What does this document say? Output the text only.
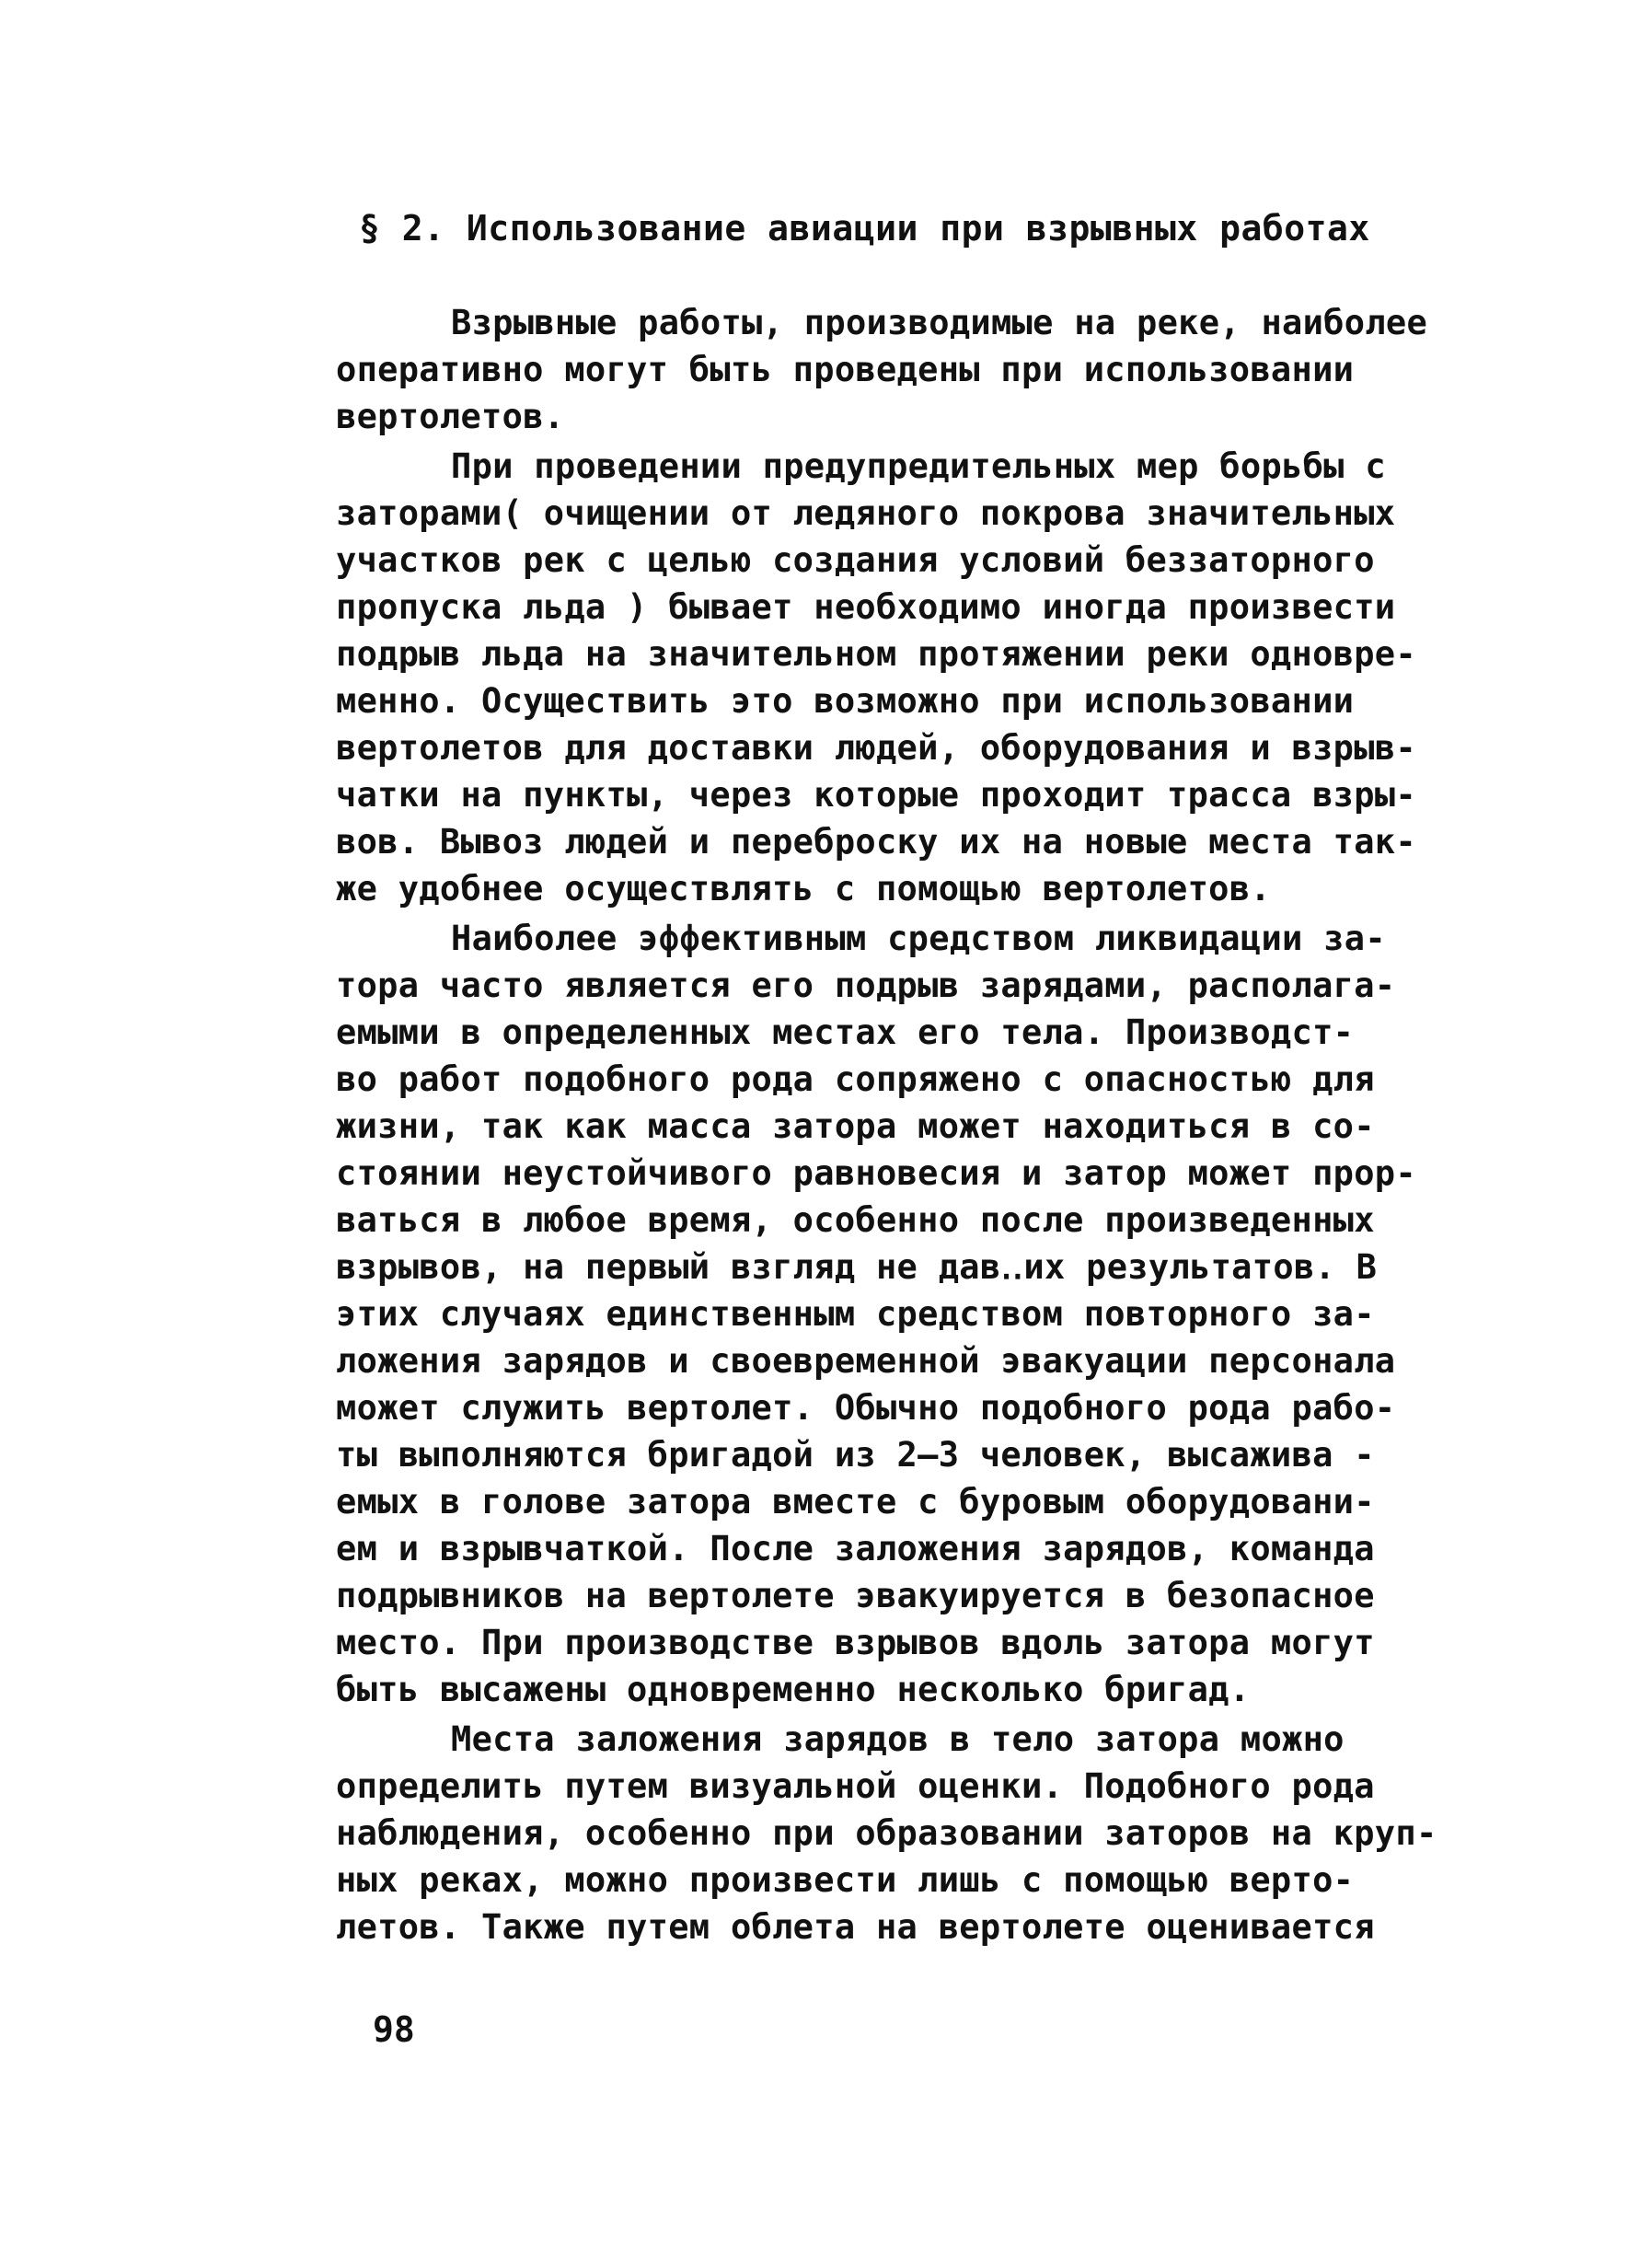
§ 2. Использование авиации при взрывных работах
Взрывные работы, производимые на реке, наиболее
оперативно могут быть проведены при использовании
вертолетов.
При проведении предупредительных мер борьбы с
заторами( очищении от ледяного покрова значительных
участков рек с целью создания условий беззаторного
пропуска льда ) бывает необходимо иногда произвести
подрыв льда на значительном протяжении реки одновре-
менно. Осуществить это возможно при использовании
вертолетов для доставки людей, оборудования и взрыв-
чатки на пункты, через которые проходит трасса взры-
вов. Вывоз людей и переброску их на новые места так-
же удобнее осуществлять с помощью вертолетов.
Наиболее эффективным средством ликвидации за-
тора часто является его подрыв зарядами, располага-
емыми в определенных местах его тела. Производст-
во работ подобного рода сопряжено с опасностью для
жизни, так как масса затора может находиться в со-
стоянии неустойчивого равновесия и затор может прор-
ваться в любое время, особенно после произведенных
взрывов, на первый взгляд не дав‥их результатов. В
этих случаях единственным средством повторного за-
ложения зарядов и своевременной эвакуации персонала
может служить вертолет. Обычно подобного рода рабо-
ты выполняются бригадой из 2–3 человек, высажива -
емых в голове затора вместе с буровым оборудовани-
ем и взрывчаткой. После заложения зарядов, команда
подрывников на вертолете эвакуируется в безопасное
место. При производстве взрывов вдоль затора могут
быть высажены одновременно несколько бригад.
Места заложения зарядов в тело затора можно
определить путем визуальной оценки. Подобного рода
наблюдения, особенно при образовании заторов на круп-
ных реках, можно произвести лишь с помощью верто-
летов. Также путем облета на вертолете оценивается
98
